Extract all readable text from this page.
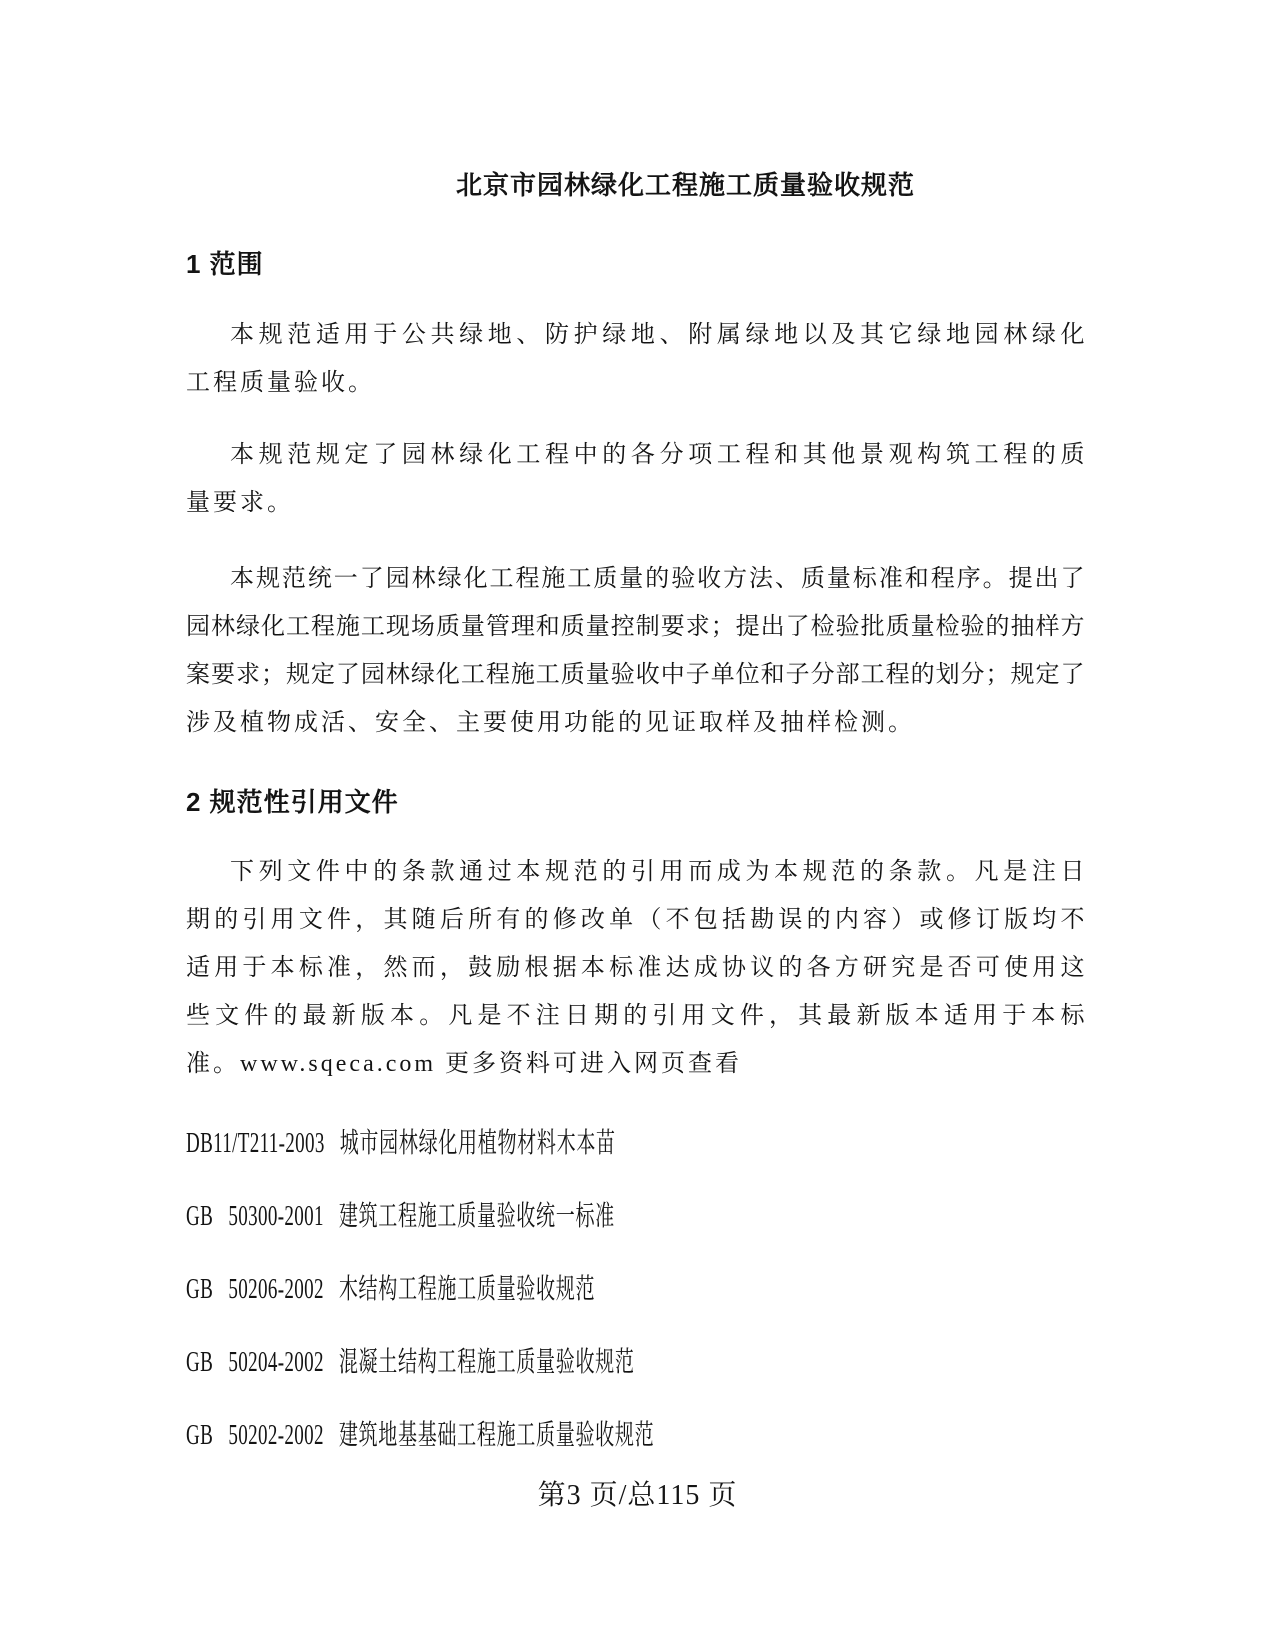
北京市园林绿化工程施工质量验收规范
1 范围
本规范适用于公共绿地、防护绿地、附属绿地以及其它绿地园林绿化
工程质量验收。
本规范规定了园林绿化工程中的各分项工程和其他景观构筑工程的质
量要求。
本规范统一了园林绿化工程施工质量的验收方法、质量标准和程序。提出了
园林绿化工程施工现场质量管理和质量控制要求；提出了检验批质量检验的抽样方
案要求；规定了园林绿化工程施工质量验收中子单位和子分部工程的划分；规定了
涉及植物成活、安全、主要使用功能的见证取样及抽样检测。
2 规范性引用文件
下列文件中的条款通过本规范的引用而成为本规范的条款。凡是注日
期的引用文件，其随后所有的修改单（不包括勘误的内容）或修订版均不
适用于本标准，然而，鼓励根据本标准达成协议的各方研究是否可使用这
些文件的最新版本。凡是不注日期的引用文件，其最新版本适用于本标
准。www.sqeca.com 更多资料可进入网页查看
DB11/T211-2003 城市园林绿化用植物材料木本苗
GB   50300-2001 建筑工程施工质量验收统一标准
GB   50206-2002 木结构工程施工质量验收规范
GB   50204-2002 混凝土结构工程施工质量验收规范
GB   50202-2002 建筑地基基础工程施工质量验收规范
第3 页/总115 页
